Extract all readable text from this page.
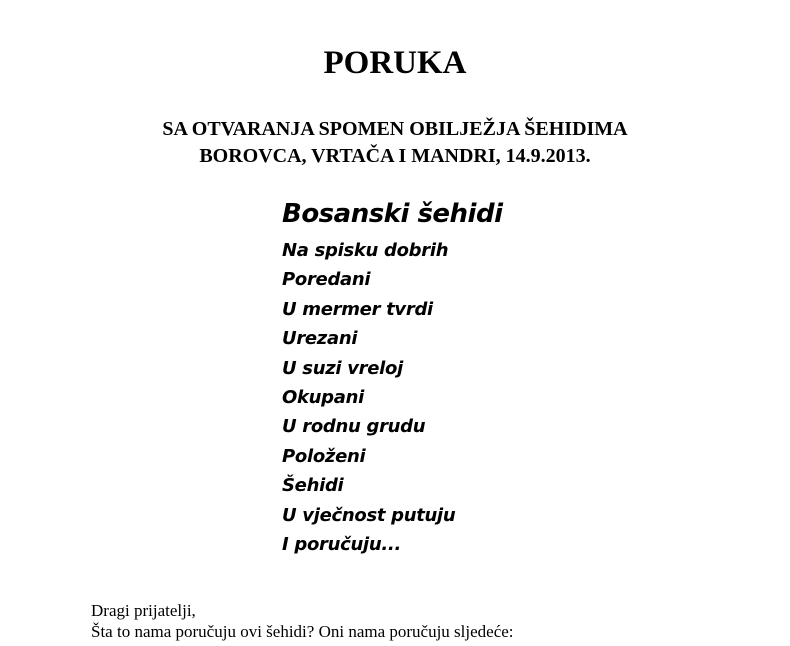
PORUKA
SA OTVARANJA SPOMEN OBILJEŽJA ŠEHIDIMA
BOROVCA, VRTAČA I MANDRI, 14.9.2013.
Bosanski šehidi
Na spisku dobrih
Poredani
U mermer tvrdi
Urezani
U suzi vreloj
Okupani
U rodnu grudu
Položeni
Šehidi
U vječnost putuju
I poručuju...
Dragi prijatelji,
Šta to nama poručuju ovi šehidi? Oni nama poručuju sljedeće:
